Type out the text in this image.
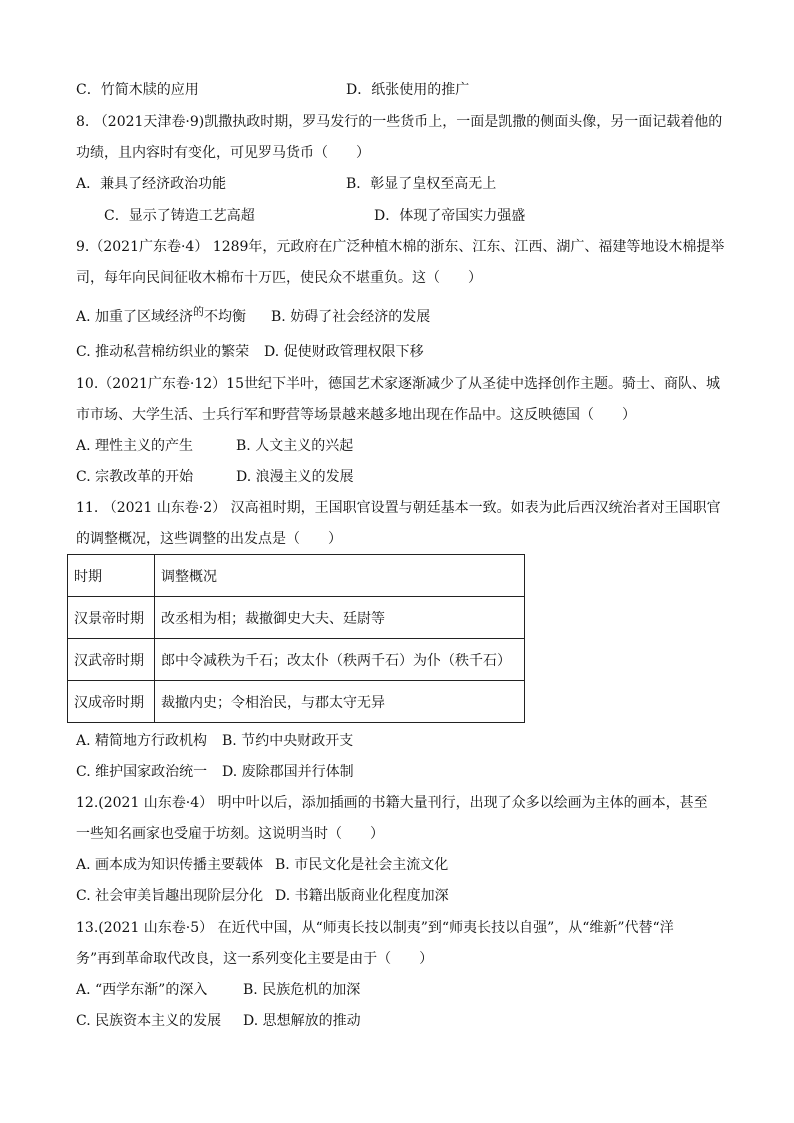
C．竹简木牍的应用	D．纸张使用的推广
8. （2021天津卷·9)凯撒执政时期，罗马发行的一些货币上，一面是凯撒的侧面头像，另一面记载着他的
功绩，且内容时有变化，可见罗马货币（　　）
A．兼具了经济政治功能	B．彰显了皇权至高无上
C．显示了铸造工艺高超	D．体现了帝国实力强盛
9.（2021广东卷·4） 1289年，元政府在广泛种植木棉的浙东、江东、江西、湖广、福建等地设木棉提举
司，每年向民间征收木棉布十万匹，使民众不堪重负。这（　　）
A. 加重了区域经济$^的$不均衡 B. 妨碍了社会经济的发展
C. 推动私营棉纺织业的繁荣 D. 促使财政管理权限下移
10.（2021广东卷·12）15世纪下半叶，德国艺术家逐渐减少了从圣徒中选择创作主题。骑士、商队、城
市市场、大学生活、士兵行军和野营等场景越来越多地出现在作品中。这反映德国（　　）
A. 理性主义的产生	B. 人文主义的兴起
C. 宗教改革的开始	D. 浪漫主义的发展
11. （2021 山东卷·2） 汉高祖时期，王国职官设置与朝廷基本一致。如表为此后西汉统治者对王国职官
的调整概况，这些调整的出发点是（　　）
时期	调整概况
汉景帝时期	改丞相为相；裁撤御史大夫、廷尉等
汉武帝时期	郎中令减秩为千石；改太仆（秩两千石）为仆（秩千石）
汉成帝时期	裁撤内史；令相治民，与郡太守无异
A. 精简地方行政机构 B. 节约中央财政开支
C. 维护国家政治统一 D. 废除郡国并行体制
12.(2021 山东卷·4） 明中叶以后，添加插画的书籍大量刊行，出现了众多以绘画为主体的画本，甚至
一些知名画家也受雇于坊刻。这说明当时（　　）
A. 画本成为知识传播主要载体 B. 市民文化是社会主流文化
C. 社会审美旨趣出现阶层分化 D. 书籍出版商业化程度加深
13.(2021 山东卷·5） 在近代中国，从“师夷长技以制夷”到“师夷长技以自强”，从“维新”代替“洋
务”再到革命取代改良，这一系列变化主要是由于（　　）
A. “西学东渐”的深入	B. 民族危机的加深
C. 民族资本主义的发展 D. 思想解放的推动
